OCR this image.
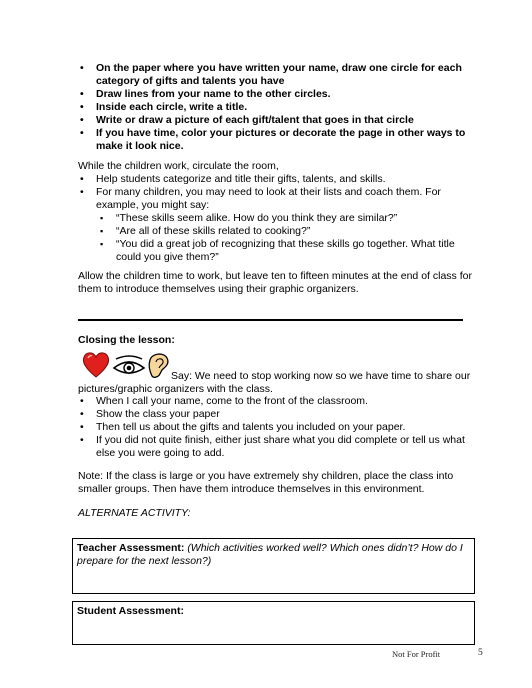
• On the paper where you have written your name, draw one circle for each category of gifts and talents you have
• Draw lines from your name to the other circles.
• Inside each circle, write a title.
• Write or draw a picture of each gift/talent that goes in that circle
• If you have time, color your pictures or decorate the page in other ways to make it look nice.

While the children work, circulate the room,

• Help students categorize and title their gifts, talents, and skills.
• For many children, you may need to look at their lists and coach them. For example, you might say:
▪ “These skills seem alike. How do you think they are similar?”
▪ “Are all of these skills related to cooking?”
▪ “You did a great job of recognizing that these skills go together. What title could you give them?”

Allow the children time to work, but leave ten to fifteen minutes at the end of class for them to introduce themselves using their graphic organizers.

Closing the lesson:
Say: We need to stop working now so we have time to share our pictures/graphic organizers with the class.
• When I call your name, come to the front of the classroom.
• Show the class your paper
• Then tell us about the gifts and talents you included on your paper.
• If you did not quite finish, either just share what you did complete or tell us what else you were going to add.

Note: If the class is large or you have extremely shy children, place the class into smaller groups. Then have them introduce themselves in this environment.

ALTERNATE ACTIVITY:

Teacher Assessment: (Which activities worked well? Which ones didn’t? How do I prepare for the next lesson?)
Student Assessment:
Not For Profit	5
